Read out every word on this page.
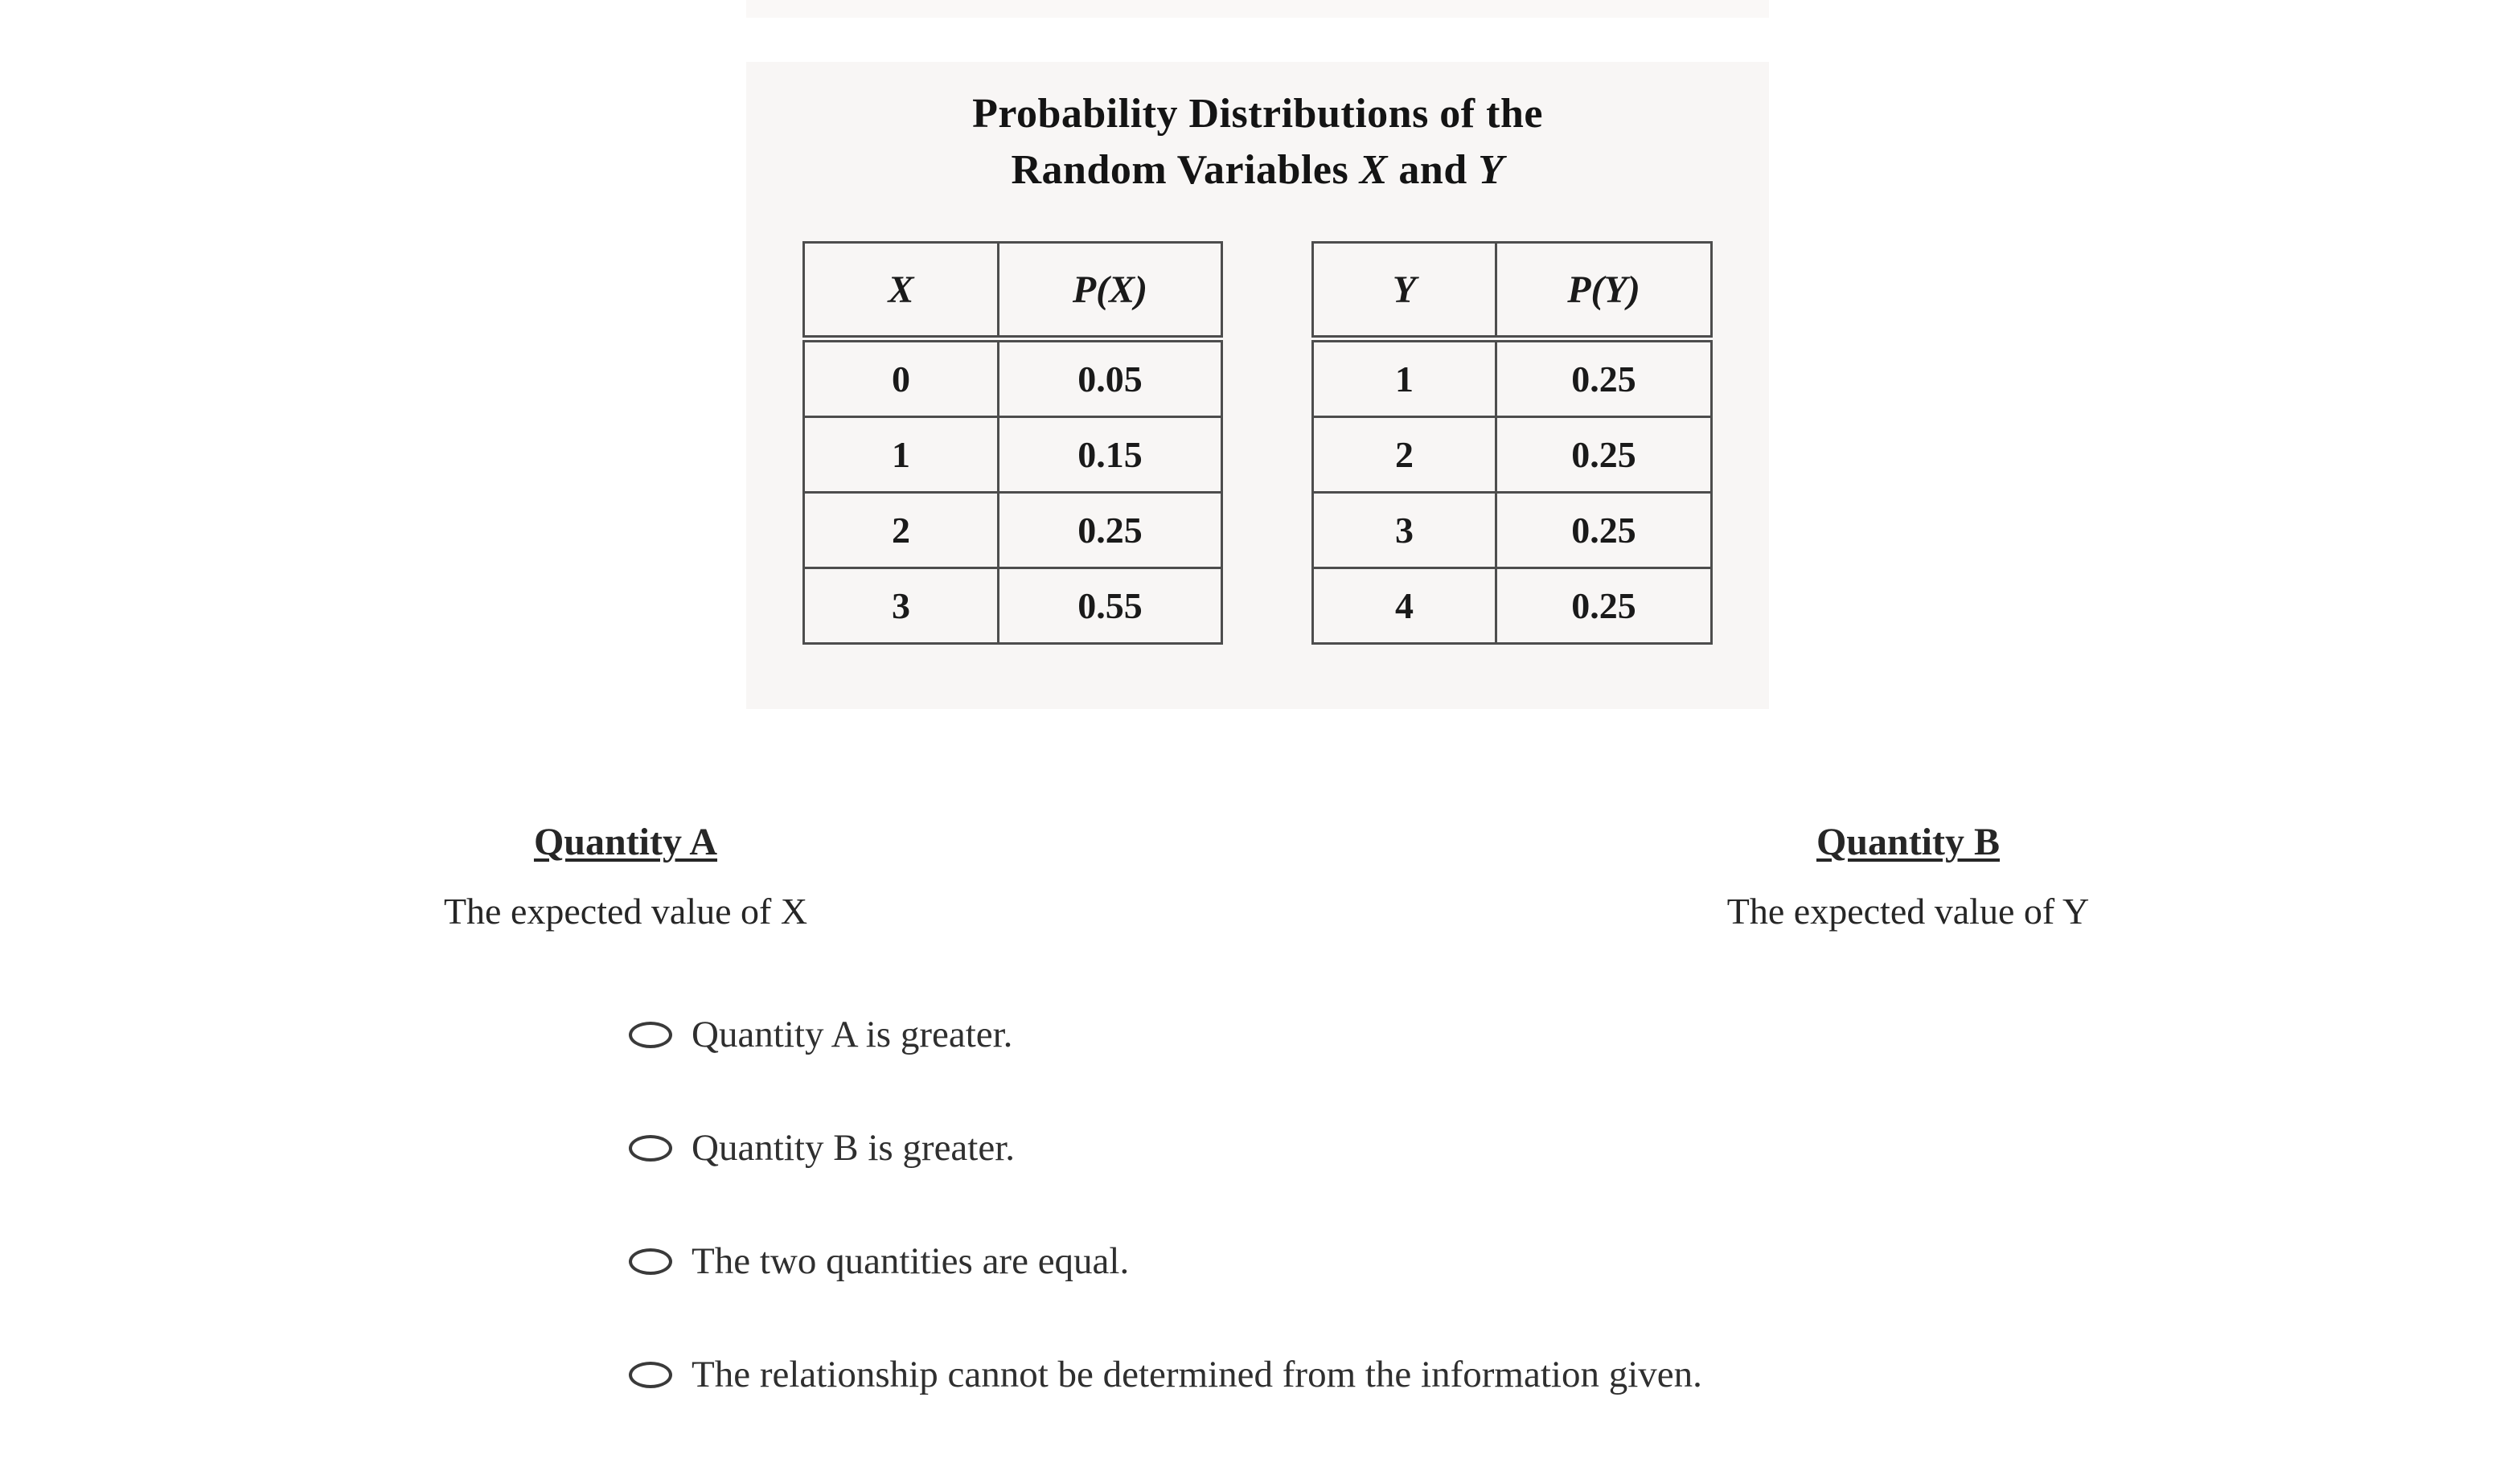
Probability Distributions of the
Random Variables X and Y
X	P(X)
0	0.05
1	0.15
2	0.25
3	0.55
Y	P(Y)
1	0.25
2	0.25
3	0.25
4	0.25
Quantity A
The expected value of X
Quantity B
The expected value of Y
Quantity A is greater.
Quantity B is greater.
The two quantities are equal.
The relationship cannot be determined from the information given.
